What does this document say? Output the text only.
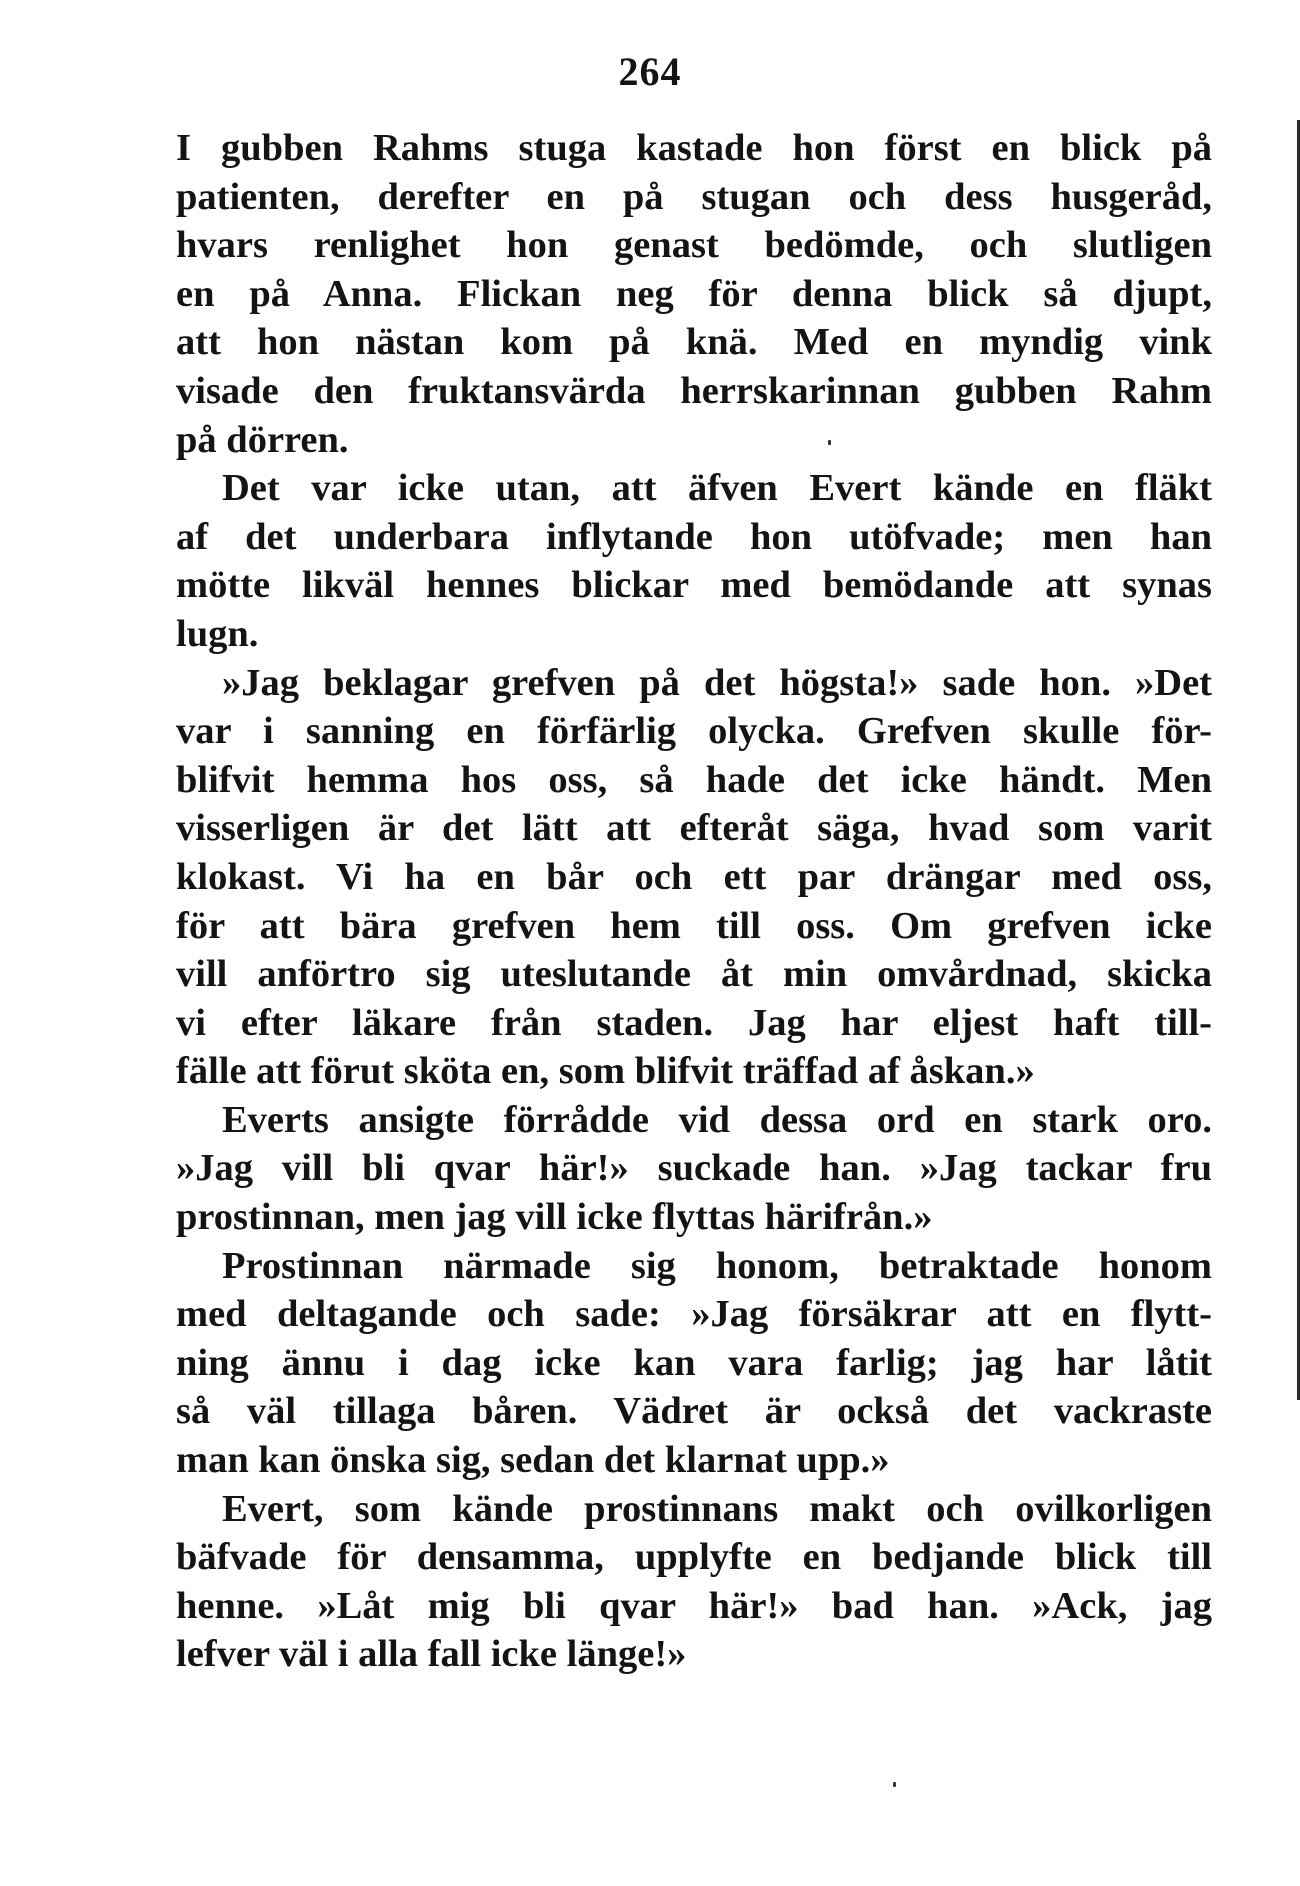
264

I gubben Rahms stuga kastade hon först en blick på
patienten, derefter en på stugan och dess husgeråd,
hvars renlighet hon genast bedömde, och slutligen
en på Anna. Flickan neg för denna blick så djupt,
att hon nästan kom på knä. Med en myndig vink
visade den fruktansvärda herrskarinnan gubben Rahm
på dörren.

Det var icke utan, att äfven Evert kände en fläkt
af det underbara inflytande hon utöfvade; men han
mötte likväl hennes blickar med bemödande att synas
lugn.

»Jag beklagar grefven på det högsta!» sade hon. »Det
var i sanning en förfärlig olycka. Grefven skulle för-
blifvit hemma hos oss, så hade det icke händt. Men
visserligen är det lätt att efteråt säga, hvad som varit
klokast. Vi ha en bår och ett par drängar med oss,
för att bära grefven hem till oss. Om grefven icke
vill anförtro sig uteslutande åt min omvårdnad, skicka
vi efter läkare från staden. Jag har eljest haft till-
fälle att förut sköta en, som blifvit träffad af åskan.»

Everts ansigte förrådde vid dessa ord en stark oro.
»Jag vill bli qvar här!» suckade han. »Jag tackar fru
prostinnan, men jag vill icke flyttas härifrån.»

Prostinnan närmade sig honom, betraktade honom
med deltagande och sade: »Jag försäkrar att en flytt-
ning ännu i dag icke kan vara farlig; jag har låtit
så väl tillaga båren. Vädret är också det vackraste
man kan önska sig, sedan det klarnat upp.»

Evert, som kände prostinnans makt och ovilkorligen
bäfvade för densamma, upplyfte en bedjande blick till
henne. »Låt mig bli qvar här!» bad han. »Ack, jag
lefver väl i alla fall icke länge!»
